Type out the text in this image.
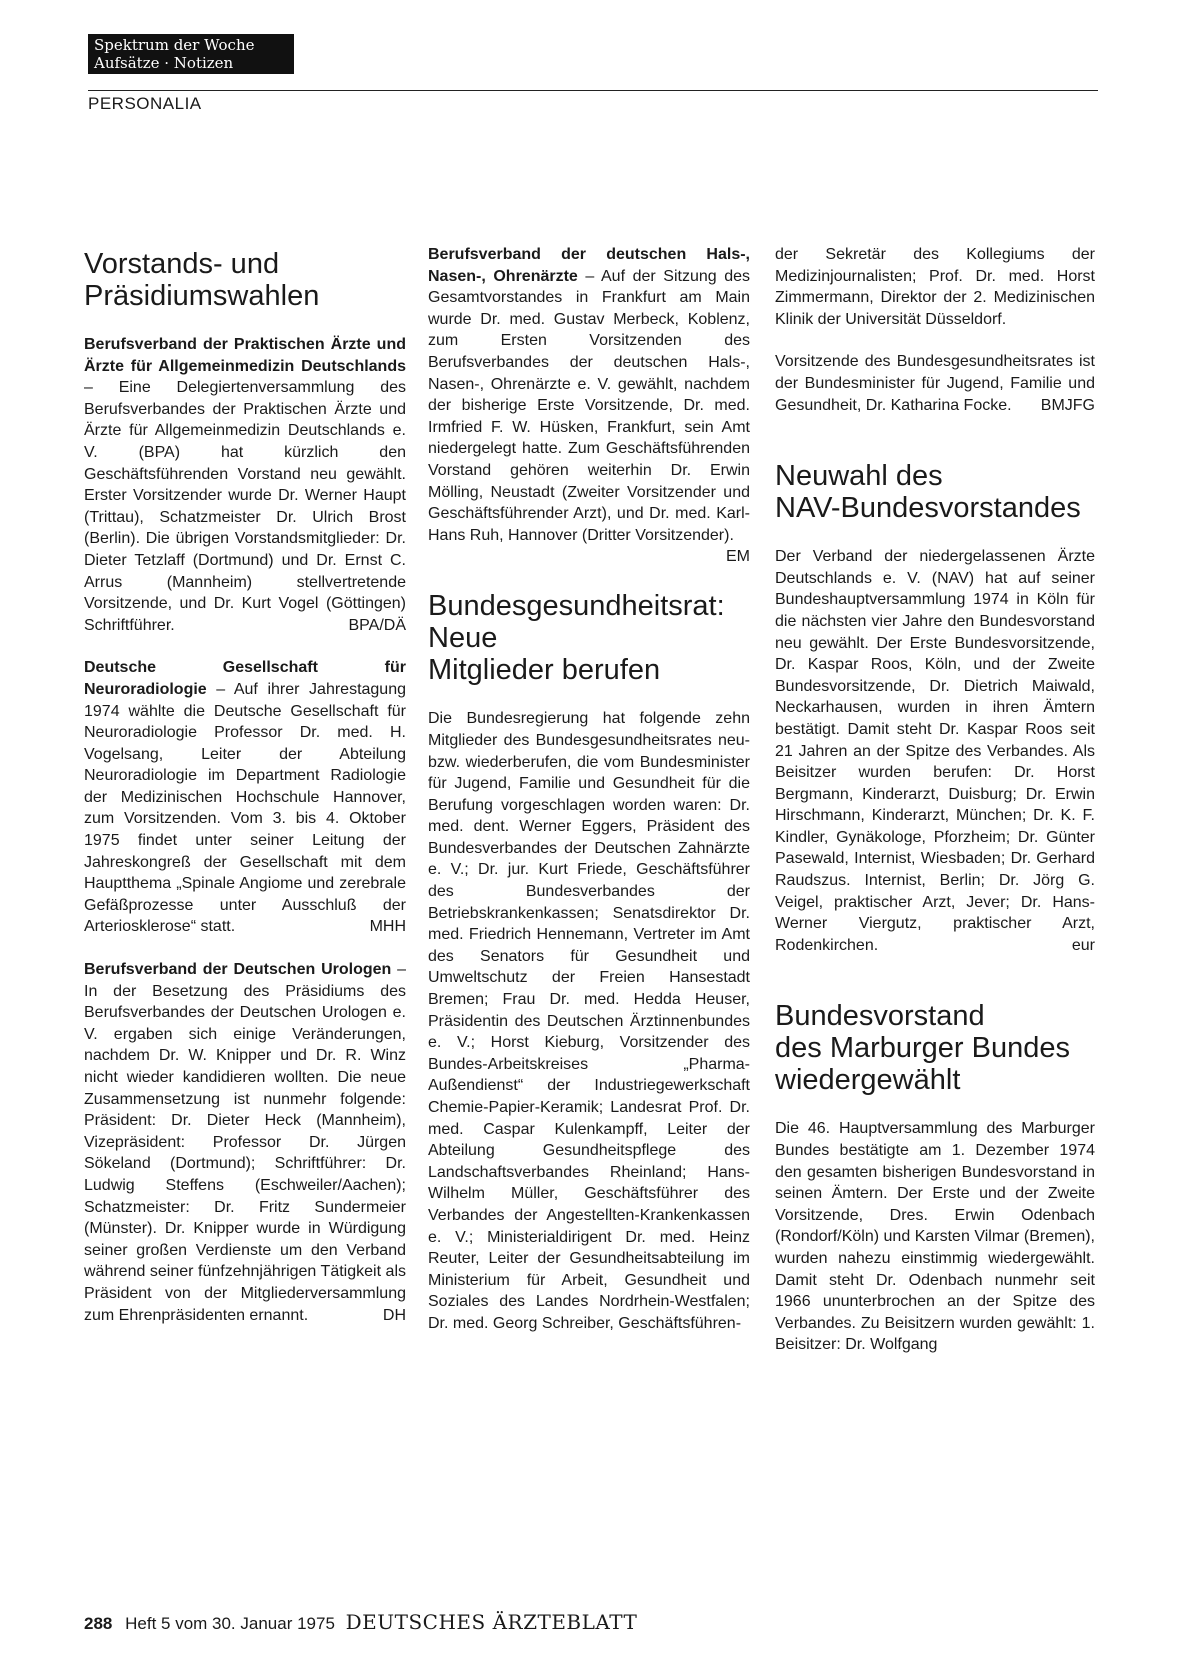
Spektrum der Woche
Aufsätze · Notizen
PERSONALIA
Vorstands- und
Präsidiumswahlen

Berufsverband der Praktischen Ärzte und Ärzte für Allgemeinmedizin Deutschlands – Eine Delegiertenversammlung des Berufsverbandes der Praktischen Ärzte und Ärzte für Allgemeinmedizin Deutschlands e. V. (BPA) hat kürzlich den Geschäftsführenden Vorstand neu gewählt. Erster Vorsitzender wurde Dr. Werner Haupt (Trittau), Schatzmeister Dr. Ulrich Brost (Berlin). Die übrigen Vorstandsmitglieder: Dr. Dieter Tetzlaff (Dortmund) und Dr. Ernst C. Arrus (Mannheim) stellvertretende Vorsitzende, und Dr. Kurt Vogel (Göttingen) Schriftführer.	BPA/DÄ

Deutsche Gesellschaft für Neuroradiologie – Auf ihrer Jahrestagung 1974 wählte die Deutsche Gesellschaft für Neuroradiologie Professor Dr. med. H. Vogelsang, Leiter der Abteilung Neuroradiologie im Department Radiologie der Medizinischen Hochschule Hannover, zum Vorsitzenden. Vom 3. bis 4. Oktober 1975 findet unter seiner Leitung der Jahreskongreß der Gesellschaft mit dem Hauptthema „Spinale Angiome und zerebrale Gefäßprozesse unter Ausschluß der Arteriosklerose“ statt.	MHH

Berufsverband der Deutschen Urologen – In der Besetzung des Präsidiums des Berufsverbandes der Deutschen Urologen e. V. ergaben sich einige Veränderungen, nachdem Dr. W. Knipper und Dr. R. Winz nicht wieder kandidieren wollten. Die neue Zusammensetzung ist nunmehr folgende: Präsident: Dr. Dieter Heck (Mannheim), Vizepräsident: Professor Dr. Jürgen Sökeland (Dortmund); Schriftführer: Dr. Ludwig Steffens (Eschweiler/Aachen); Schatzmeister: Dr. Fritz Sundermeier (Münster). Dr. Knipper wurde in Würdigung seiner großen Verdienste um den Verband während seiner fünfzehnjährigen Tätigkeit als Präsident von der Mitgliederversammlung zum Ehrenpräsidenten ernannt.	DH

Berufsverband der deutschen Hals-, Nasen-, Ohrenärzte – Auf der Sitzung des Gesamtvorstandes in Frankfurt am Main wurde Dr. med. Gustav Merbeck, Koblenz, zum Ersten Vorsitzenden des Berufsverbandes der deutschen Hals-, Nasen-, Ohrenärzte e. V. gewählt, nachdem der bisherige Erste Vorsitzende, Dr. med. Irmfried F. W. Hüsken, Frankfurt, sein Amt niedergelegt hatte. Zum Geschäftsführenden Vorstand gehören weiterhin Dr. Erwin Mölling, Neustadt (Zweiter Vorsitzender und Geschäftsführender Arzt), und Dr. med. Karl-Hans Ruh, Hannover (Dritter Vorsitzender).
EM

Bundesgesundheitsrat:
Neue
Mitglieder berufen

Die Bundesregierung hat folgende zehn Mitglieder des Bundesgesundheitsrates neu- bzw. wiederberufen, die vom Bundesminister für Jugend, Familie und Gesundheit für die Berufung vorgeschlagen worden waren: Dr. med. dent. Werner Eggers, Präsident des Bundesverbandes der Deutschen Zahnärzte e. V.; Dr. jur. Kurt Friede, Geschäftsführer des Bundesverbandes der Betriebskrankenkassen; Senatsdirektor Dr. med. Friedrich Hennemann, Vertreter im Amt des Senators für Gesundheit und Umweltschutz der Freien Hansestadt Bremen; Frau Dr. med. Hedda Heuser, Präsidentin des Deutschen Ärztinnenbundes e. V.; Horst Kieburg, Vorsitzender des Bundes-Arbeitskreises „Pharma-Außendienst“ der Industriegewerkschaft Chemie-Papier-Keramik; Landesrat Prof. Dr. med. Caspar Kulenkampff, Leiter der Abteilung Gesundheitspflege des Landschaftsverbandes Rheinland; Hans-Wilhelm Müller, Geschäftsführer des Verbandes der Angestellten-Krankenkassen e. V.; Ministerialdirigent Dr. med. Heinz Reuter, Leiter der Gesundheitsabteilung im Ministerium für Arbeit, Gesundheit und Soziales des Landes Nordrhein-Westfalen; Dr. med. Georg Schreiber, Geschäftsführen-

der Sekretär des Kollegiums der Medizinjournalisten; Prof. Dr. med. Horst Zimmermann, Direktor der 2. Medizinischen Klinik der Universität Düsseldorf.

Vorsitzende des Bundesgesundheitsrates ist der Bundesminister für Jugend, Familie und Gesundheit, Dr. Katharina Focke. BMJFG

Neuwahl des
NAV-Bundesvorstandes

Der Verband der niedergelassenen Ärzte Deutschlands e. V. (NAV) hat auf seiner Bundeshauptversammlung 1974 in Köln für die nächsten vier Jahre den Bundesvorstand neu gewählt. Der Erste Bundesvorsitzende, Dr. Kaspar Roos, Köln, und der Zweite Bundesvorsitzende, Dr. Dietrich Maiwald, Neckarhausen, wurden in ihren Ämtern bestätigt. Damit steht Dr. Kaspar Roos seit 21 Jahren an der Spitze des Verbandes. Als Beisitzer wurden berufen: Dr. Horst Bergmann, Kinderarzt, Duisburg; Dr. Erwin Hirschmann, Kinderarzt, München; Dr. K. F. Kindler, Gynäkologe, Pforzheim; Dr. Günter Pasewald, Internist, Wiesbaden; Dr. Gerhard Raudszus. Internist, Berlin; Dr. Jörg G. Veigel, praktischer Arzt, Jever; Dr. Hans-Werner Viergutz, praktischer Arzt, Rodenkirchen.	eur

Bundesvorstand
des Marburger Bundes
wiedergewählt

Die 46. Hauptversammlung des Marburger Bundes bestätigte am 1. Dezember 1974 den gesamten bisherigen Bundesvorstand in seinen Ämtern. Der Erste und der Zweite Vorsitzende, Dres. Erwin Odenbach (Rondorf/Köln) und Karsten Vilmar (Bremen), wurden nahezu einstimmig wiedergewählt. Damit steht Dr. Odenbach nunmehr seit 1966 ununterbrochen an der Spitze des Verbandes. Zu Beisitzern wurden gewählt: 1. Beisitzer: Dr. Wolfgang

288 Heft 5 vom 30. Januar 1975 DEUTSCHES ÄRZTEBLATT
